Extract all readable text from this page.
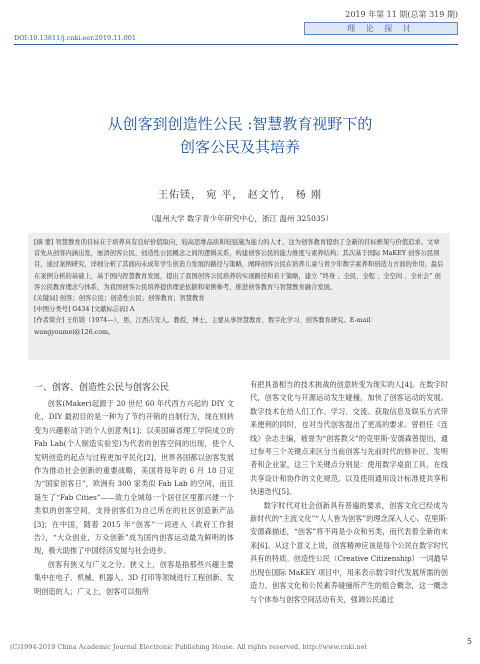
2019 年第 11 期(总第 319 期)
理 论 探 讨
DOI:10.13811/j.cnki.eer.2019.11.001
从创客到创造性公民 :智慧教育视野下的
创客公民及其培养
王佑镁， 宛 平， 赵文竹， 杨 刚
（温州大学 数字青少年研究中心，浙江 温州 325035）

[摘 要] 智慧教育的目标在于培养具有良好价值取向、较高思维品质和较强施为能力的人才，这为创客教育提供了全新的目标框架与价值追求。文章首先从创客内涵出发，厘清创客公民、创造性公民概念之间的逻辑关系，构建创客公民的能力维度与素养结构；其次基于国际 MaKEY 创客公民项目，通过案例研究，详细分析了其面向未成年学生创造力发展的路径与策略，阐释创客公民在培养儿童与青少年数字素养和创造力方面的作用；最后在案例分析的基础上，基于国内智慧教育发展，提出了我国创客公民培养的实现路径和若干策略，建立 “终身 、全民、全程 、全空间 、全社会” 创客公民教育理念与体系，为我国创客公民培养提供理论依据和案例参考，推进创客教育与智慧教育融合发展。

[关键词] 创客；创客公民；创造性公民；创客教育；智慧教育

[中图分类号] G434 [文献标志码] A

[作者简介] 王佑镁（1974—），男，江西吉安人。教授，博士，主要从事智慧教育、数字化学习、创客教育研究。E-mail：wangyoumei@126.com。

一、创客、创造性公民与创客公民

创客(Maker)起源于 20 世纪 60 年代西方兴起的 DIY 文化，DIY 最初目的是一种为了节约开销的自制行为，现在则转变为兴趣驱动下的个人创意秀[1]；以美国麻省理工学院成立的 Fab Lab(个人制造实验室)为代表的创客空间的出现，使个人发明创造的起点与过程更加平民化[2]。世界各国都以创客发展作为推动社会创新的重要战略，美国将每年的 6 月 18 日定为“国家创客日”，欧洲有 300 家类似 Fab Lab 的空间，而且诞生了“Fab Cities”——致力全城每一个居住区里都兴建一个类似的创客空间，支持创客们为自己所在的社区创造新产品[3]；在中国，随着 2015 年“创客”一词进入《政府工作报告》，“大众创业，万众创新”成为国内创客运动最为鲜明的体现，极大助推了中国经济发展与社会进步。

创客有狭义与广义之分。狭义上，创客是指那些兴趣主要集中在电子、机械、机器人、3D 打印等领域进行工程创新、发明创造的人；广义上，创客可以指所

有把具备相当的技术挑战的创意转变为现实的人[4]。在数字时代，创客文化与开源运动发生碰撞，加快了创客运动的发展。数字技术在给人们工作、学习、交流、获取信息及娱乐方式带来便利的同时，也对当代创客提出了更高的要求。曾担任《连线》杂志主编，被誉为“创客教父”的克里斯·安德森曾提出，通过参考三个关键点来区分当前创客与先前时代的修补匠、发明者和企业家，这三个关键点分别是：使用数字桌面工具，在线共享设计和协作的文化规范，以及使用通用设计标准使共享和快速迭代[5]。

数字时代对社会创新具有普遍的要求，创客文化已经成为新时代的“主流文化”“人人皆为创客”的理念深入人心。克里斯·安德森描述，“创客”将不再是小众和另类，而代表着全新的未来[6]。从这个意义上说，创客精神应该是每个公民在数字时代具有的特质。创造性公民（Creative Citizenship）一词最早出现在国际 MaKEY 项目中，用来表示数字时代发展所需的创造力、创客文化和公民素养碰撞所产生的组合概念，这一概念与个体参与创客空间活动有关，强调公民通过

5
(C)1994-2019 China Academic Journal Electronic Publishing House. All rights reserved. http://www.cnki.net
